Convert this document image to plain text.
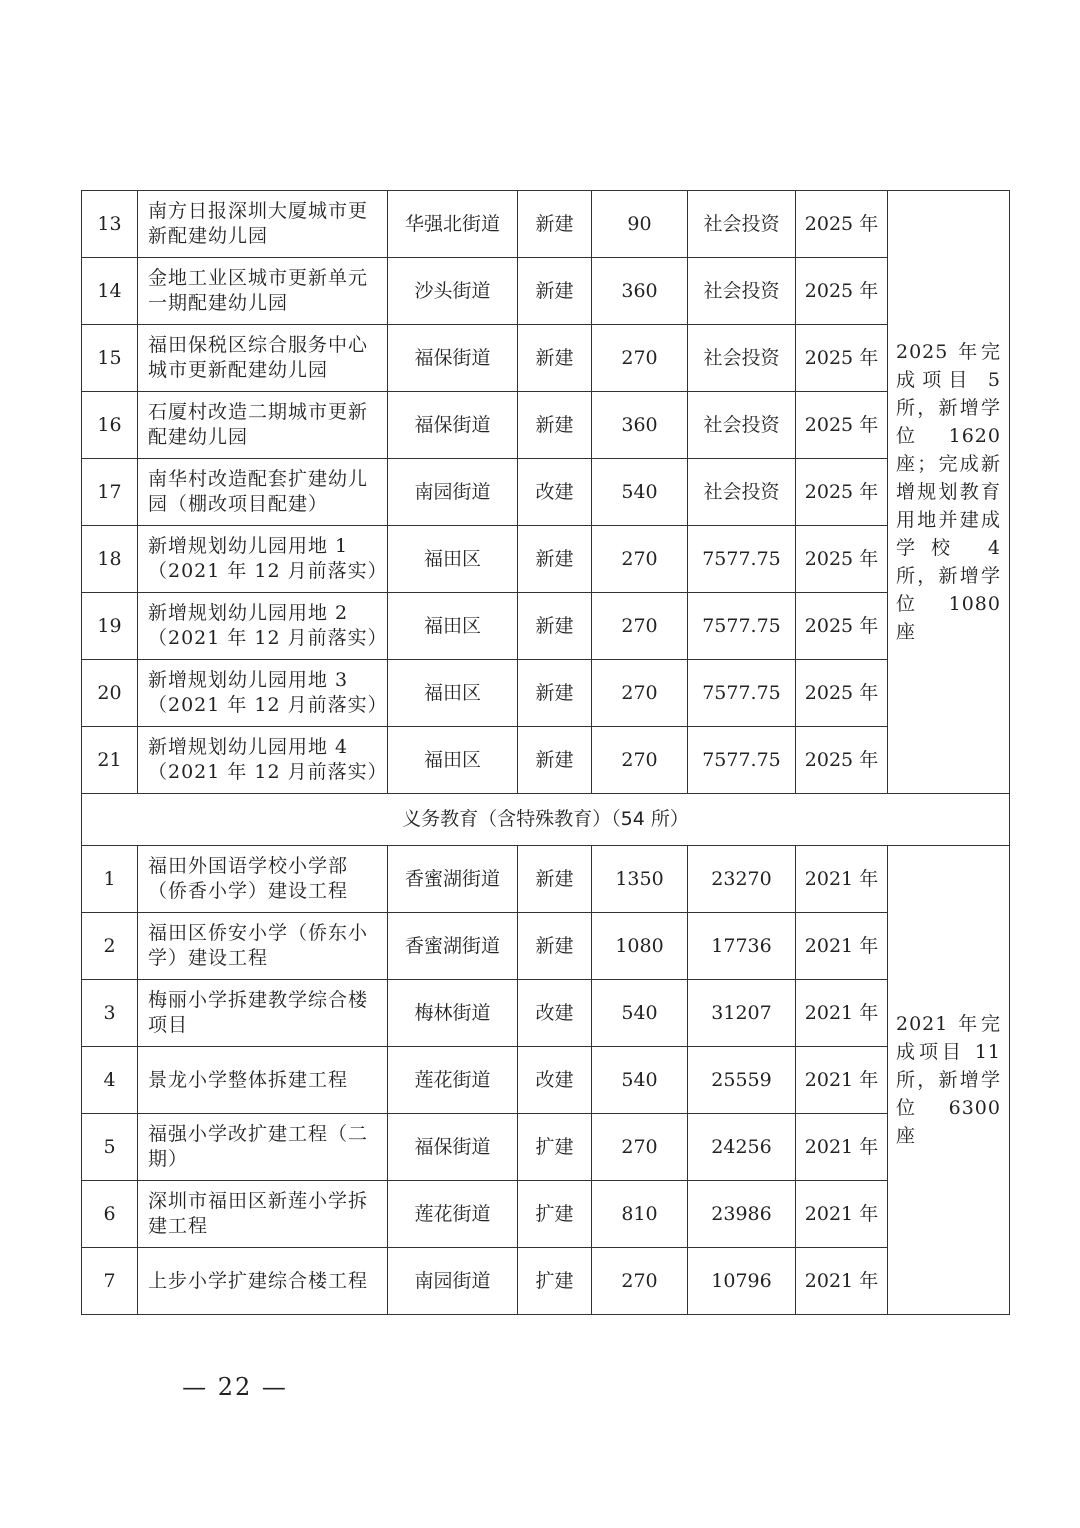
13	南方日报深圳大厦城市更新配建幼儿园	华强北街道	新建	90	社会投资	2025 年	2025 年完成项目 5 所，新增学位 1620 座；完成新增规划教育用地并建成学校 4 所，新增学位 1080 座
14	金地工业区城市更新单元一期配建幼儿园	沙头街道	新建	360	社会投资	2025 年	
15	福田保税区综合服务中心城市更新配建幼儿园	福保街道	新建	270	社会投资	2025 年	
16	石厦村改造二期城市更新配建幼儿园	福保街道	新建	360	社会投资	2025 年	
17	南华村改造配套扩建幼儿园（棚改项目配建）	南园街道	改建	540	社会投资	2025 年	
18	新增规划幼儿园用地 1（2021 年 12 月前落实）	福田区	新建	270	7577.75	2025 年	
19	新增规划幼儿园用地 2（2021 年 12 月前落实）	福田区	新建	270	7577.75	2025 年	
20	新增规划幼儿园用地 3（2021 年 12 月前落实）	福田区	新建	270	7577.75	2025 年	
21	新增规划幼儿园用地 4（2021 年 12 月前落实）	福田区	新建	270	7577.75	2025 年	
义务教育（含特殊教育）（54 所）							
1	福田外国语学校小学部（侨香小学）建设工程	香蜜湖街道	新建	1350	23270	2021 年	2021 年完成项目 11 所，新增学位 6300 座
2	福田区侨安小学（侨东小学）建设工程	香蜜湖街道	新建	1080	17736	2021 年	
3	梅丽小学拆建教学综合楼项目	梅林街道	改建	540	31207	2021 年	
4	景龙小学整体拆建工程	莲花街道	改建	540	25559	2021 年	
5	福强小学改扩建工程（二期）	福保街道	扩建	270	24256	2021 年	
6	深圳市福田区新莲小学拆建工程	莲花街道	扩建	810	23986	2021 年	
7	上步小学扩建综合楼工程	南园街道	扩建	270	10796	2021 年	
— 22 —
